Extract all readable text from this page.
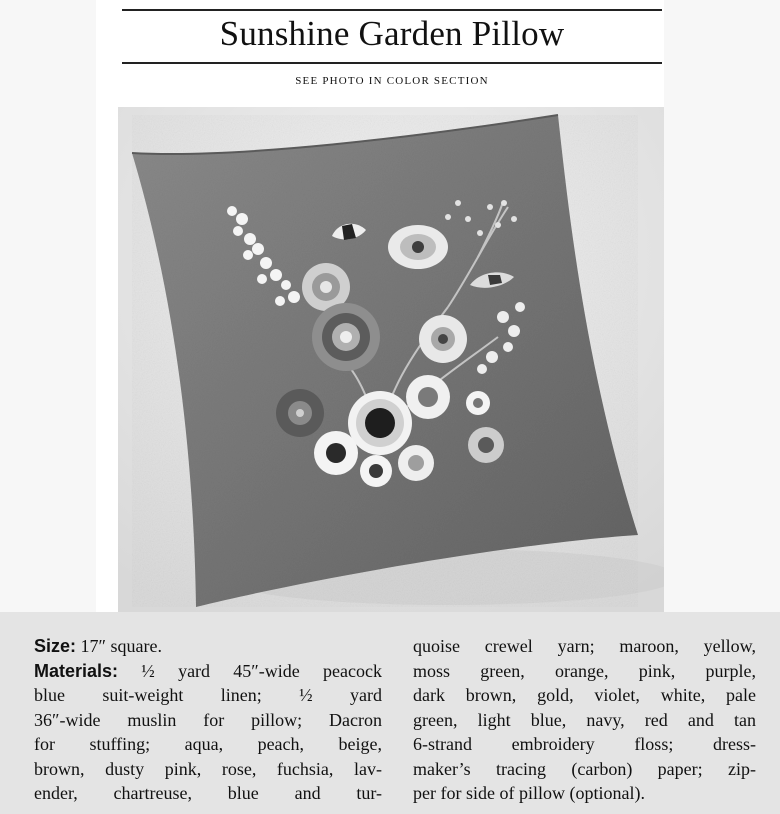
Sunshine Garden Pillow
SEE PHOTO IN COLOR SECTION
Size: 17″ square.
Materials: ½ yard 45″-wide peacock
blue suit-weight linen; ½ yard
36″-wide muslin for pillow; Dacron
for stuffing; aqua, peach, beige,
brown, dusty pink, rose, fuchsia, lav-
ender, chartreuse, blue and tur-
quoise crewel yarn; maroon, yellow,
moss green, orange, pink, purple,
dark brown, gold, violet, white, pale
green, light blue, navy, red and tan
6-strand embroidery floss; dress-
maker’s tracing (carbon) paper; zip-
per for side of pillow (optional).
